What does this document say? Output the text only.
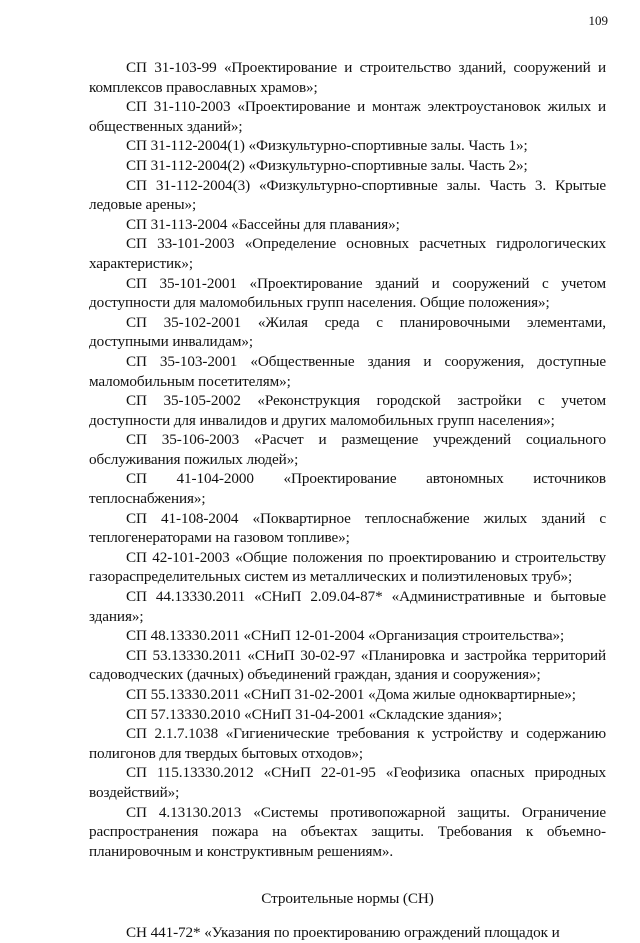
109

СП 31-103-99 «Проектирование и строительство зданий, сооружений и комплексов православных храмов»;

СП 31-110-2003 «Проектирование и монтаж электроустановок жилых и общественных зданий»;

СП 31-112-2004(1) «Физкультурно-спортивные залы. Часть 1»;

СП 31-112-2004(2) «Физкультурно-спортивные залы. Часть 2»;

СП 31-112-2004(3) «Физкультурно-спортивные залы. Часть 3. Крытые ледовые арены»;

СП 31-113-2004 «Бассейны для плавания»;

СП 33-101-2003 «Определение основных расчетных гидрологических характеристик»;

СП 35-101-2001 «Проектирование зданий и сооружений с учетом доступности для маломобильных групп населения. Общие положения»;

СП 35-102-2001 «Жилая среда с планировочными элементами, доступными инвалидам»;

СП 35-103-2001 «Общественные здания и сооружения, доступные маломобильным посетителям»;

СП 35-105-2002 «Реконструкция городской застройки с учетом доступности для инвалидов и других маломобильных групп населения»;

СП 35-106-2003 «Расчет и размещение учреждений социального обслуживания пожилых людей»;

СП 41-104-2000 «Проектирование автономных источников теплоснабжения»;

СП 41-108-2004 «Поквартирное теплоснабжение жилых зданий с теплогенераторами на газовом топливе»;

СП 42-101-2003 «Общие положения по проектированию и строительству газораспределительных систем из металлических и полиэтиленовых труб»;

СП 44.13330.2011 «СНиП 2.09.04-87* «Административные и бытовые здания»;

СП 48.13330.2011 «СНиП 12-01-2004 «Организация строительства»;

СП 53.13330.2011 «СНиП 30-02-97 «Планировка и застройка территорий садоводческих (дачных) объединений граждан, здания и сооружения»;

СП 55.13330.2011 «СНиП 31-02-2001 «Дома жилые одноквартирные»;

СП 57.13330.2010 «СНиП 31-04-2001 «Складские здания»;

СП 2.1.7.1038 «Гигиенические требования к устройству и содержанию полигонов для твердых бытовых отходов»;

СП 115.13330.2012 «СНиП 22-01-95 «Геофизика опасных природных воздействий»;

СП 4.13130.2013 «Системы противопожарной защиты. Ограничение распространения пожара на объектах защиты. Требования к объемно-планировочным и конструктивным решениям».

Строительные нормы (СН)

СН 441-72* «Указания по проектированию ограждений площадок и
